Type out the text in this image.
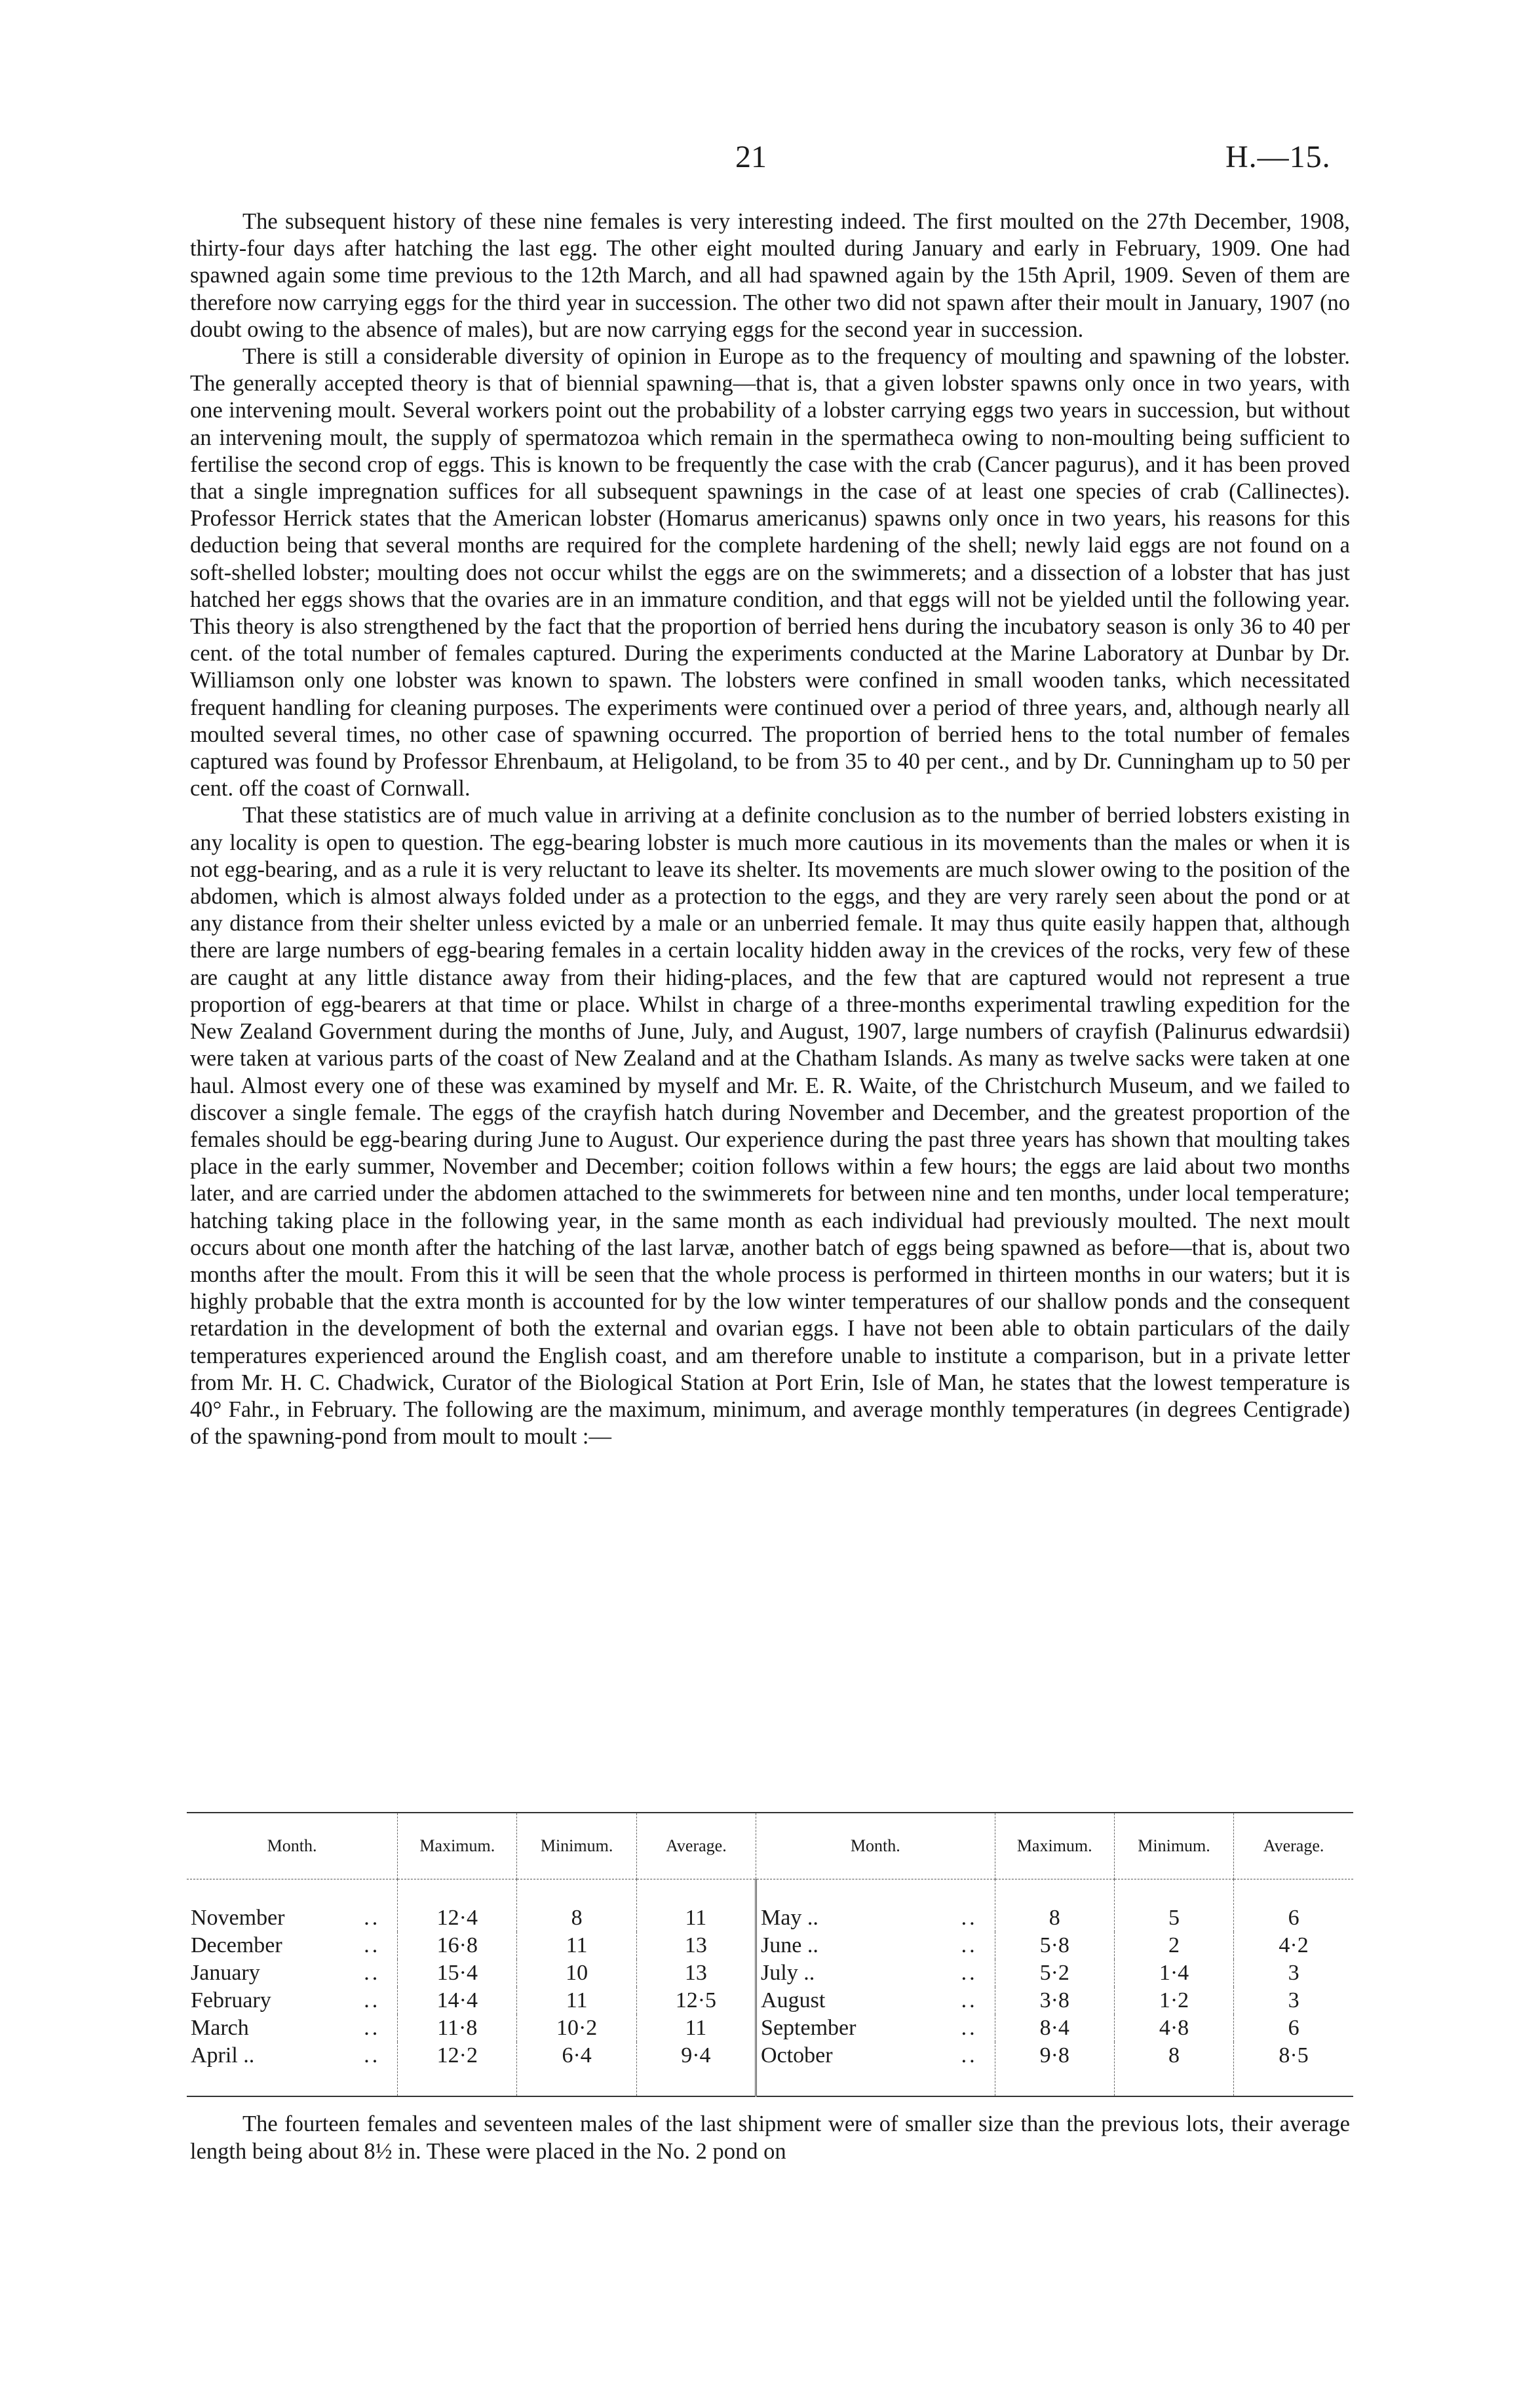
21	H.—15.

The subsequent history of these nine females is very interesting indeed. The first moulted on the 27th December, 1908, thirty-four days after hatching the last egg. The other eight moulted during January and early in February, 1909. One had spawned again some time previous to the 12th March, and all had spawned again by the 15th April, 1909. Seven of them are therefore now carrying eggs for the third year in succession. The other two did not spawn after their moult in January, 1907 (no doubt owing to the absence of males), but are now carrying eggs for the second year in succession.

There is still a considerable diversity of opinion in Europe as to the frequency of moulting and spawning of the lobster. The generally accepted theory is that of biennial spawning—that is, that a given lobster spawns only once in two years, with one intervening moult. Several workers point out the probability of a lobster carrying eggs two years in succession, but without an intervening moult, the supply of spermatozoa which remain in the spermatheca owing to non-moulting being sufficient to fertilise the second crop of eggs. This is known to be frequently the case with the crab (Cancer pagurus), and it has been proved that a single impregnation suffices for all subsequent spawnings in the case of at least one species of crab (Callinectes). Professor Herrick states that the American lobster (Homarus americanus) spawns only once in two years, his reasons for this deduction being that several months are required for the complete hardening of the shell; newly laid eggs are not found on a soft-shelled lobster; moulting does not occur whilst the eggs are on the swimmerets; and a dissection of a lobster that has just hatched her eggs shows that the ovaries are in an immature condition, and that eggs will not be yielded until the following year. This theory is also strengthened by the fact that the proportion of berried hens during the incubatory season is only 36 to 40 per cent. of the total number of females captured. During the experiments conducted at the Marine Laboratory at Dunbar by Dr. Williamson only one lobster was known to spawn. The lobsters were confined in small wooden tanks, which necessitated frequent handling for cleaning purposes. The experiments were continued over a period of three years, and, although nearly all moulted several times, no other case of spawning occurred. The proportion of berried hens to the total number of females captured was found by Professor Ehrenbaum, at Heligoland, to be from 35 to 40 per cent., and by Dr. Cunningham up to 50 per cent. off the coast of Cornwall.

That these statistics are of much value in arriving at a definite conclusion as to the number of berried lobsters existing in any locality is open to question. The egg-bearing lobster is much more cautious in its movements than the males or when it is not egg-bearing, and as a rule it is very reluctant to leave its shelter. Its movements are much slower owing to the position of the abdomen, which is almost always folded under as a protection to the eggs, and they are very rarely seen about the pond or at any distance from their shelter unless evicted by a male or an unberried female. It may thus quite easily happen that, although there are large numbers of egg-bearing females in a certain locality hidden away in the crevices of the rocks, very few of these are caught at any little distance away from their hiding-places, and the few that are captured would not represent a true proportion of egg-bearers at that time or place. Whilst in charge of a three-months experimental trawling expedition for the New Zealand Government during the months of June, July, and August, 1907, large numbers of crayfish (Palinurus edwardsii) were taken at various parts of the coast of New Zealand and at the Chatham Islands. As many as twelve sacks were taken at one haul. Almost every one of these was examined by myself and Mr. E. R. Waite, of the Christchurch Museum, and we failed to discover a single female. The eggs of the crayfish hatch during November and December, and the greatest proportion of the females should be egg-bearing during June to August. Our experience during the past three years has shown that moulting takes place in the early summer, November and December; coition follows within a few hours; the eggs are laid about two months later, and are carried under the abdomen attached to the swimmerets for between nine and ten months, under local temperature; hatching taking place in the following year, in the same month as each individual had previously moulted. The next moult occurs about one month after the hatching of the last larvæ, another batch of eggs being spawned as before—that is, about two months after the moult. From this it will be seen that the whole process is performed in thirteen months in our waters; but it is highly probable that the extra month is accounted for by the low winter temperatures of our shallow ponds and the consequent retardation in the development of both the external and ovarian eggs. I have not been able to obtain particulars of the daily temperatures experienced around the English coast, and am therefore unable to institute a comparison, but in a private letter from Mr. H. C. Chadwick, Curator of the Biological Station at Port Erin, Isle of Man, he states that the lowest temperature is 40° Fahr., in February. The following are the maximum, minimum, and average monthly temperatures (in degrees Centigrade) of the spawning-pond from moult to moult :—

Month.	Maximum.	Minimum.	Average.	Month.	Maximum.	Minimum.	Average.
November ..	12·4	8	11	May .. ..	8	5	6
December ..	16·8	11	13	June .. ..	5·8	2	4·2
January ..	15·4	10	13	July .. ..	5·2	1·4	3
February ..	14·4	11	12·5	August ..	3·8	1·2	3
March ..	11·8	10·2	11	September ..	8·4	4·8	6
April .. ..	12·2	6·4	9·4	October ..	9·8	8	8·5

The fourteen females and seventeen males of the last shipment were of smaller size than the previous lots, their average length being about 8½ in. These were placed in the No. 2 pond on
